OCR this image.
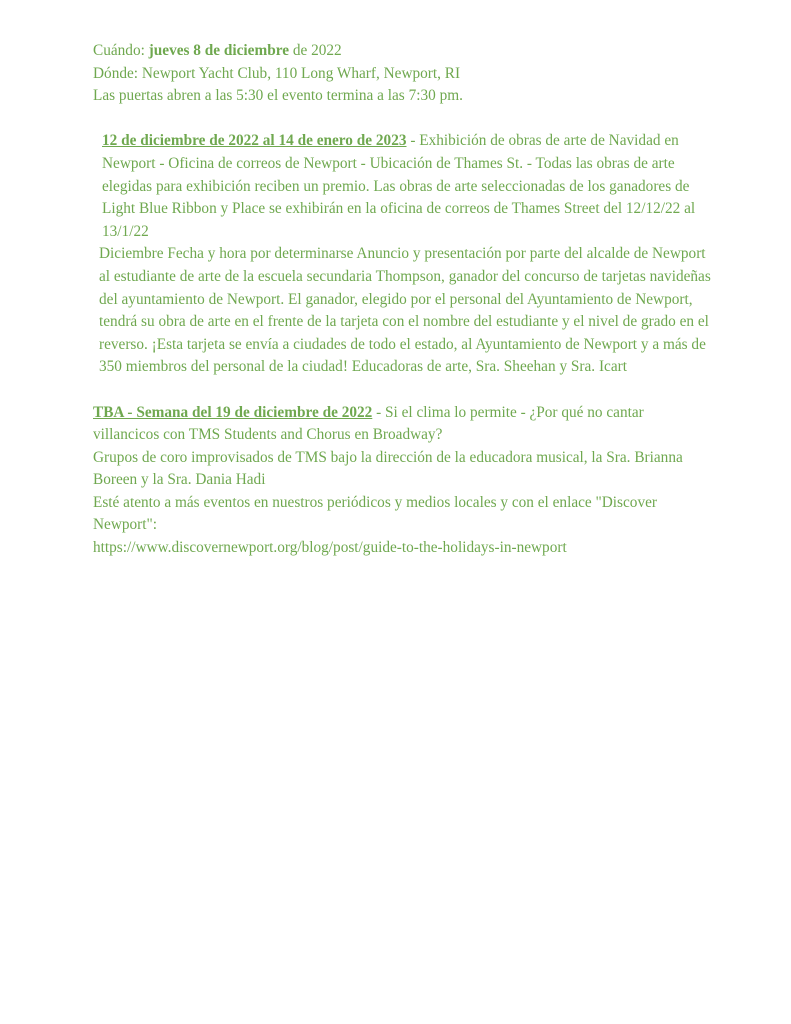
Cuándo: jueves 8 de diciembre de 2022
Dónde: Newport Yacht Club, 110 Long Wharf, Newport, RI
Las puertas abren a las 5:30 el evento termina a las 7:30 pm.

12 de diciembre de 2022 al 14 de enero de 2023 - Exhibición de obras de arte de Navidad en Newport - Oficina de correos de Newport - Ubicación de Thames St. - Todas las obras de arte elegidas para exhibición reciben un premio. Las obras de arte seleccionadas de los ganadores de Light Blue Ribbon y Place se exhibirán en la oficina de correos de Thames Street del 12/12/22 al 13/1/22

Diciembre Fecha y hora por determinarse Anuncio y presentación por parte del alcalde de Newport al estudiante de arte de la escuela secundaria Thompson, ganador del concurso de tarjetas navideñas del ayuntamiento de Newport. El ganador, elegido por el personal del Ayuntamiento de Newport, tendrá su obra de arte en el frente de la tarjeta con el nombre del estudiante y el nivel de grado en el reverso. ¡Esta tarjeta se envía a ciudades de todo el estado, al Ayuntamiento de Newport y a más de 350 miembros del personal de la ciudad! Educadoras de arte, Sra. Sheehan y Sra. Icart

TBA - Semana del 19 de diciembre de 2022 - Si el clima lo permite - ¿Por qué no cantar villancicos con TMS Students and Chorus en Broadway?

Grupos de coro improvisados de TMS bajo la dirección de la educadora musical, la Sra. Brianna Boreen y la Sra. Dania Hadi

Esté atento a más eventos en nuestros periódicos y medios locales y con el enlace "Discover Newport":

https://www.discovernewport.org/blog/post/guide-to-the-holidays-in-newport
